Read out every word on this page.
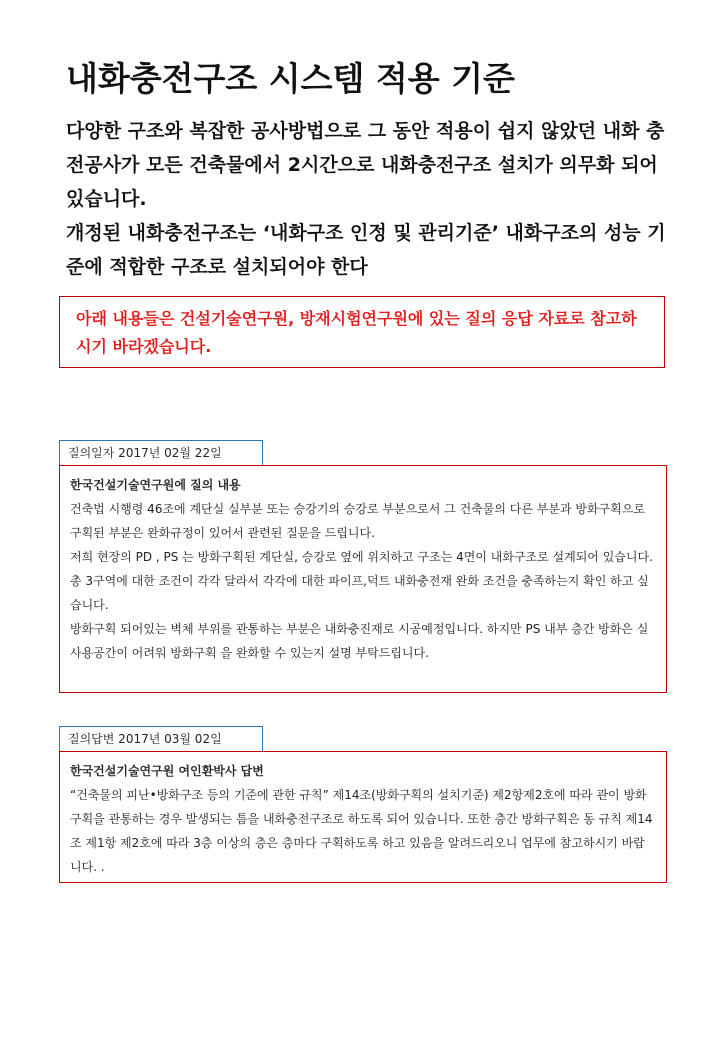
내화충전구조 시스템 적용 기준

다양한 구조와 복잡한 공사방법으로 그 동안 적용이 쉽지 않았던 내화 충전공사가 모든 건축물에서 2시간으로 내화충전구조 설치가 의무화 되어 있습니다.

개정된 내화충전구조는 ‘내화구조 인정 및 관리기준’ 내화구조의 성능 기준에 적합한 구조로 설치되어야 한다

아래 내용들은 건설기술연구원, 방재시험연구원에 있는 질의 응답 자료로 참고하시기 바라겠습니다.

질의일자 2017년 02월 22일

한국건설기술연구원에 질의 내용

건축법 시행령 46조에 계단실 실부분 또는 승강기의 승강로 부분으로서 그 건축물의 다른 부분과 방화구획으로 구획된 부분은 완화규정이 있어서 관련된 질문을 드립니다.

저희 현장의 PD , PS 는 방화구획된 계단실, 승강로 옆에 위치하고 구조는 4면이 내화구조로 설계되어 있습니다.

총 3구역에 대한 조건이 각각 달라서 각각에 대한 파이프,덕트 내화충전재 완화 조건을 충족하는지 확인 하고 싶습니다.

방화구획 되어있는 벽체 부위를 관통하는 부분은 내화충진재로 시공예정입니다. 하지만 PS 내부 층간 방화은 실 사용공간이 어려워 방화구획 을 완화할 수 있는지 설명 부탁드립니다.

질의답변 2017년 03월 02일

한국건설기술연구원 여인환박사 답변

“건축물의 피난•방화구조 등의 기준에 관한 규칙” 제14조(방화구획의 설치기준) 제2항제2호에 따라 관이 방화구획을 관통하는 경우 발생되는 틈을 내화충전구조로 하도록 되어 있습니다. 또한 층간 방화구획은 동 규칙 제14조 제1항 제2호에 따라 3층 이상의 층은 층마다 구획하도록 하고 있음을 알려드리오니 업무에 참고하시기 바랍니다. .
